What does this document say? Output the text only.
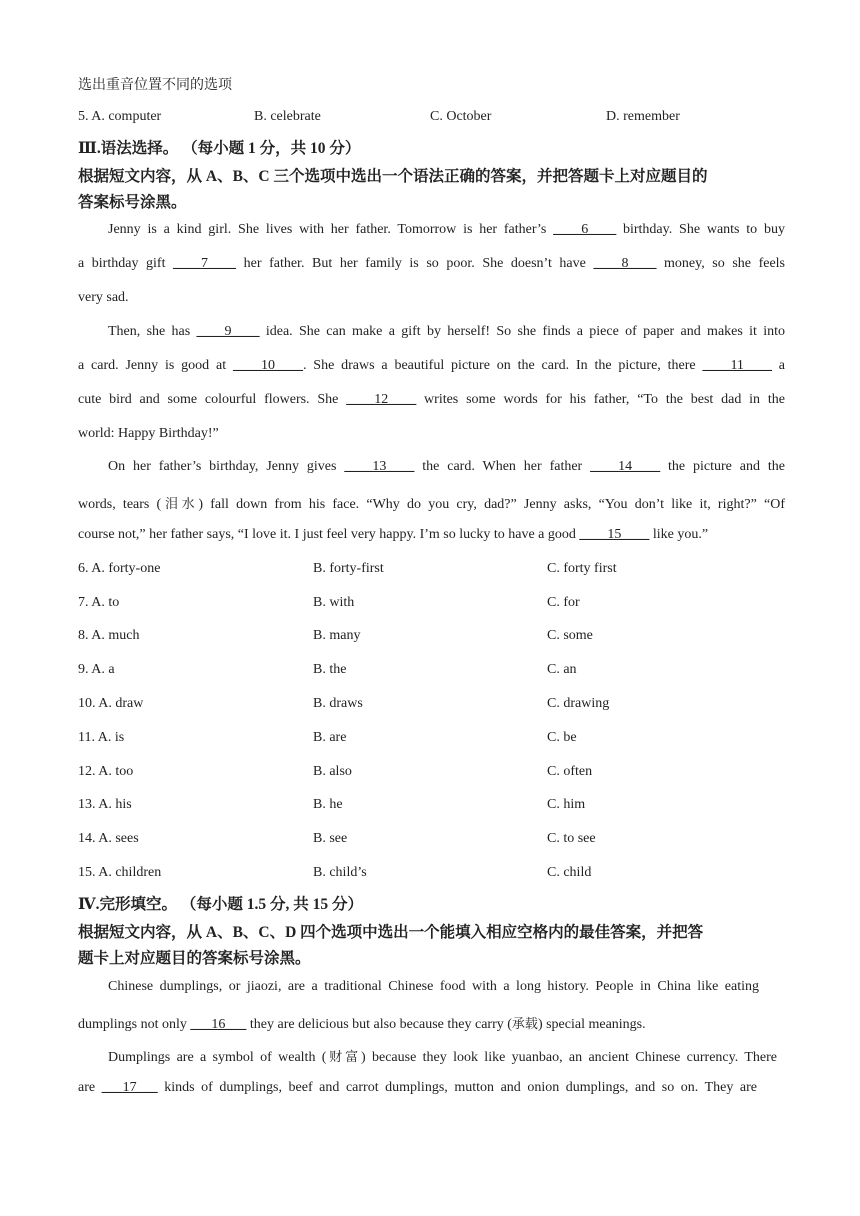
选出重音位置不同的选项
5. A. computer	B. celebrate	C. October	D. remember
Ⅲ.语法选择。 （每小题 1 分，共 10 分）
根据短文内容，从 A、B、C 三个选项中选出一个语法正确的答案，并把答题卡上对应题目的
答案标号涂黑。
Jenny is a kind girl. She lives with her father. Tomorrow is her father’s ____6____ birthday. She wants to buy
a birthday gift ____7____ her father. But her family is so poor. She doesn’t have ____8____ money, so she feels
very sad.
Then, she has ____9____ idea. She can make a gift by herself! So she finds a piece of paper and makes it into
a card. Jenny is good at ____10____. She draws a beautiful picture on the card. In the picture, there ____11____ a
cute bird and some colourful flowers. She ____12____ writes some words for his father, “To the best dad in the
world: Happy Birthday!”
On her father’s birthday, Jenny gives ____13____ the card. When her father ____14____ the picture and the
words, tears (泪水) fall down from his face. “Why do you cry, dad?” Jenny asks, “You don’t like it, right?” “Of
course not,” her father says, “I love it. I just feel very happy. I’m so lucky to have a good ____15____ like you.”
6. A. forty-one	B. forty-first	C. forty first
7. A. to	B. with	C. for
8. A. much	B. many	C. some
9. A. a	B. the	C. an
10. A. draw	B. draws	C. drawing
11. A. is	B. are	C. be
12. A. too	B. also	C. often
13. A. his	B. he	C. him
14. A. sees	B. see	C. to see
15. A. children	B. child’s	C. child
Ⅳ.完形填空。 （每小题 1.5 分, 共 15 分）
根据短文内容，从 A、B、C、D 四个选项中选出一个能填入相应空格内的最佳答案，并把答
题卡上对应题目的答案标号涂黑。
Chinese dumplings, or jiaozi, are a traditional Chinese food with a long history. People in China like eating
dumplings not only ___16___ they are delicious but also because they carry (承载) special meanings.
Dumplings are a symbol of wealth (财富) because they look like yuanbao, an ancient Chinese currency. There
are ___17___ kinds of dumplings, beef and carrot dumplings, mutton and onion dumplings, and so on. They are
